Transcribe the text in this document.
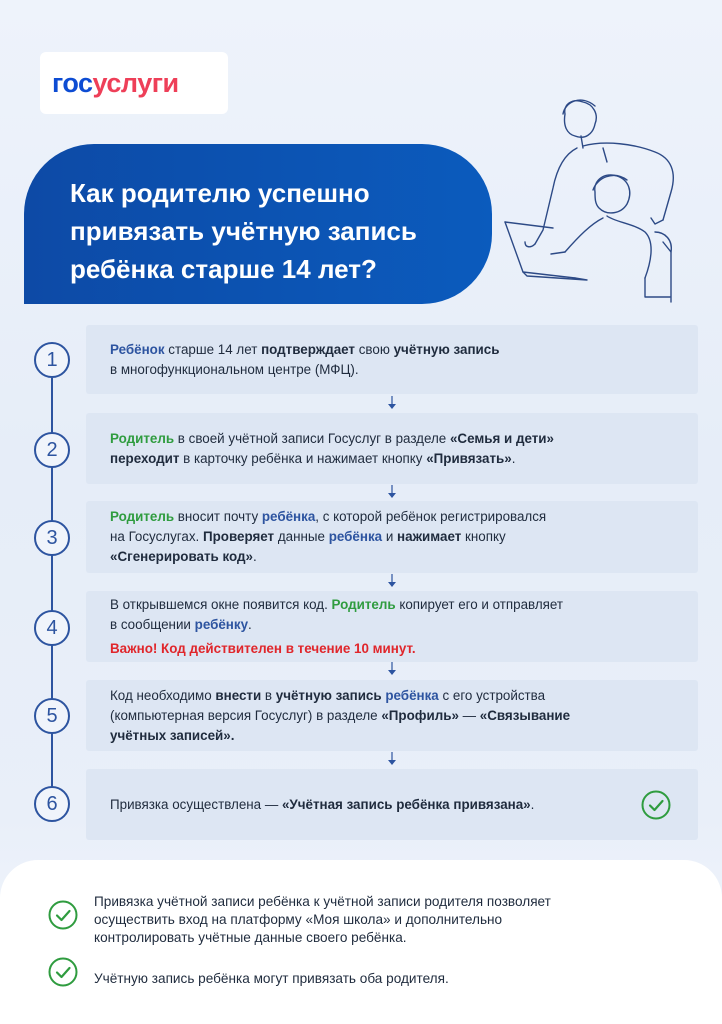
гос услуги
Как родителю успешно
привязать учётную запись
ребёнка старше 14 лет?
1
2
3
4
5
6
Ребёнок старше 14 лет подтверждает свою учётную запись
в многофункциональном центре (МФЦ).
Родитель в своей учётной записи Госуслуг в разделе «Семья и дети»
переходит в карточку ребёнка и нажимает кнопку «Привязать».
Родитель вносит почту ребёнка, с которой ребёнок регистрировался
на Госуслугах. Проверяет данные ребёнка и нажимает кнопку
«Сгенерировать код».
В открывшемся окне появится код. Родитель копирует его и отправляет
в сообщении ребёнку.
Важно! Код действителен в течение 10 минут.
Код необходимо внести в учётную запись ребёнка с его устройства
(компьютерная версия Госуслуг) в разделе «Профиль» — «Связывание
учётных записей».
Привязка осуществлена — «Учётная запись ребёнка привязана».
Привязка учётной записи ребёнка к учётной записи родителя позволяет
осуществить вход на платформу «Моя школа» и дополнительно
контролировать учётные данные своего ребёнка.
Учётную запись ребёнка могут привязать оба родителя.
